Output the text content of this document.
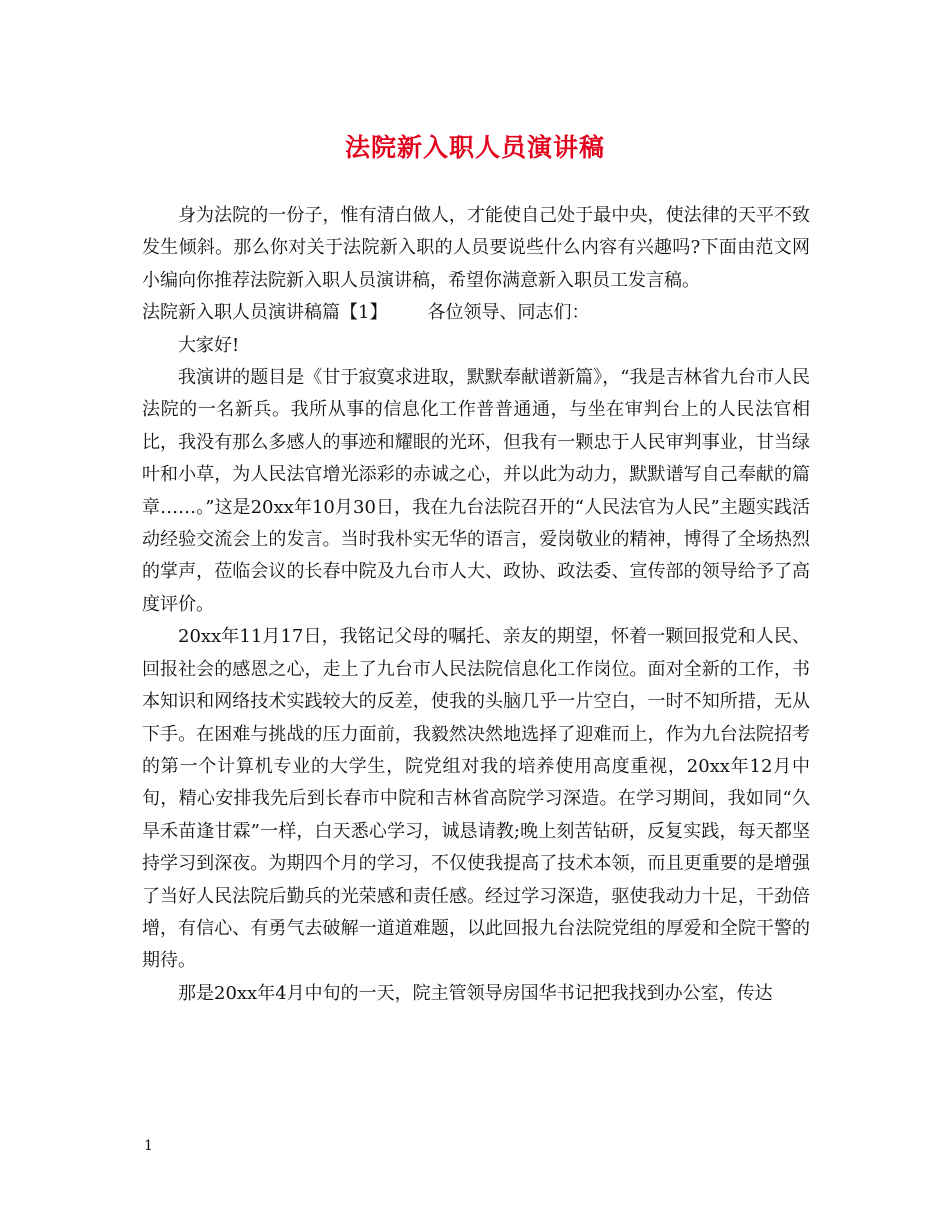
法院新入职人员演讲稿

身为法院的一份子，惟有清白做人，才能使自己处于最中央，使法律的天平不致发生倾斜。那么你对关于法院新入职的人员要说些什么内容有兴趣吗?下面由范文网小编向你推荐法院新入职人员演讲稿，希望你满意新入职员工发言稿。

法院新入职人员演讲稿篇【1】 各位领导、同志们：

大家好!

我演讲的题目是《甘于寂寞求进取，默默奉献谱新篇》，“我是吉林省九台市人民法院的一名新兵。我所从事的信息化工作普普通通，与坐在审判台上的人民法官相比，我没有那么多感人的事迹和耀眼的光环，但我有一颗忠于人民审判事业，甘当绿叶和小草，为人民法官增光添彩的赤诚之心，并以此为动力，默默谱写自己奉献的篇章……。”这是20xx年10月30日，我在九台法院召开的“人民法官为人民”主题实践活动经验交流会上的发言。当时我朴实无华的语言，爱岗敬业的精神，博得了全场热烈的掌声，莅临会议的长春中院及九台市人大、政协、政法委、宣传部的领导给予了高度评价。

20xx年11月17日，我铭记父母的嘱托、亲友的期望，怀着一颗回报党和人民、回报社会的感恩之心，走上了九台市人民法院信息化工作岗位。面对全新的工作，书本知识和网络技术实践较大的反差，使我的头脑几乎一片空白，一时不知所措，无从下手。在困难与挑战的压力面前，我毅然决然地选择了迎难而上，作为九台法院招考的第一个计算机专业的大学生，院党组对我的培养使用高度重视，20xx年12月中旬，精心安排我先后到长春市中院和吉林省高院学习深造。在学习期间，我如同“久旱禾苗逢甘霖”一样，白天悉心学习，诚恳请教;晚上刻苦钻研，反复实践，每天都坚持学习到深夜。为期四个月的学习，不仅使我提高了技术本领，而且更重要的是增强了当好人民法院后勤兵的光荣感和责任感。经过学习深造，驱使我动力十足，干劲倍增，有信心、有勇气去破解一道道难题，以此回报九台法院党组的厚爱和全院干警的期待。

那是20xx年4月中旬的一天，院主管领导房国华书记把我找到办公室，传达

1
